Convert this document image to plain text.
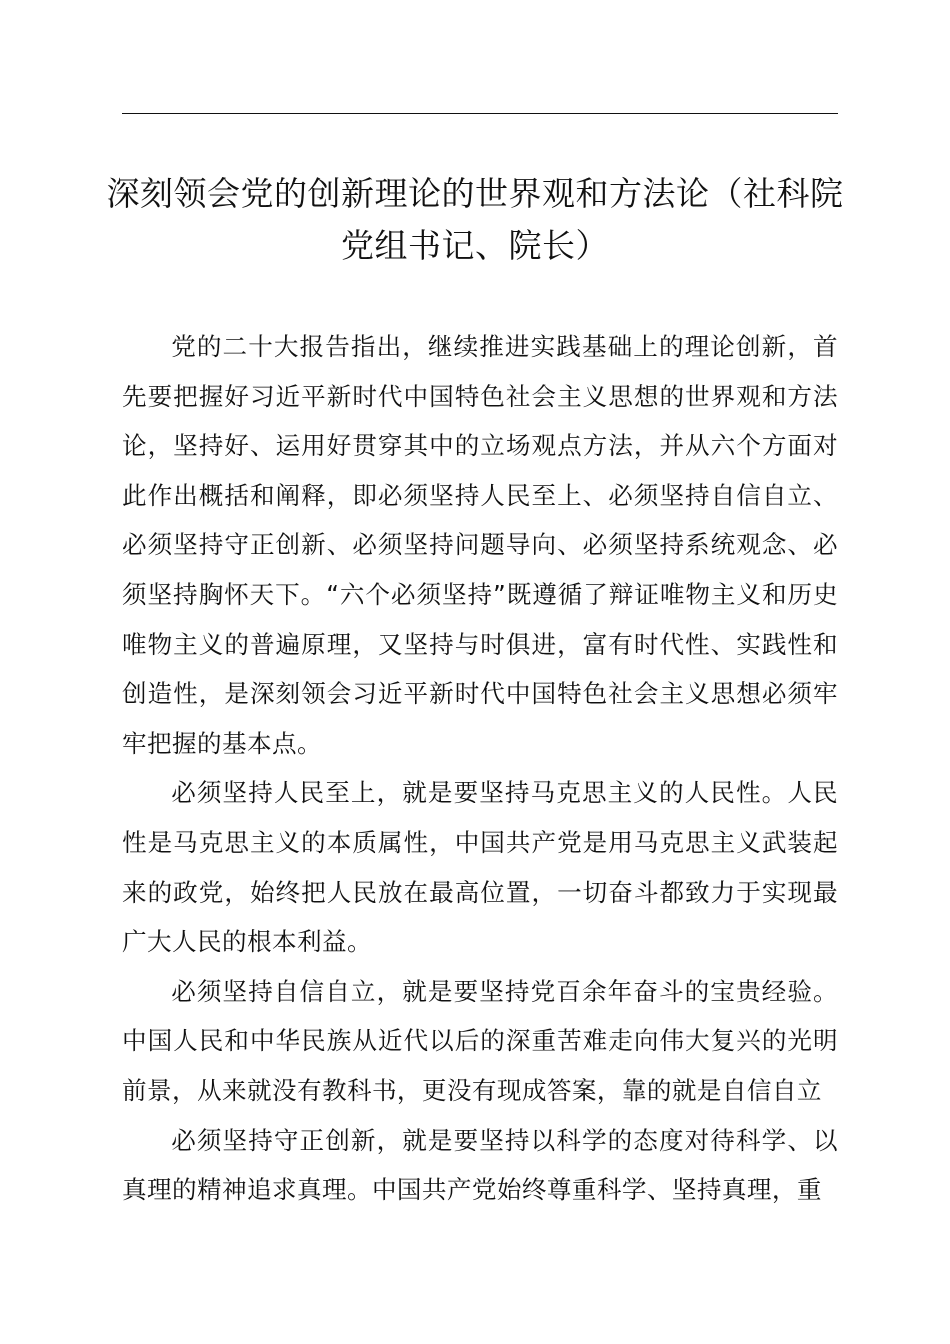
深刻领会党的创新理论的世界观和方法论（社科院党组书记、院长）

党的二十大报告指出，继续推进实践基础上的理论创新，首先要把握好习近平新时代中国特色社会主义思想的世界观和方法论，坚持好、运用好贯穿其中的立场观点方法，并从六个方面对此作出概括和阐释，即必须坚持人民至上、必须坚持自信自立、必须坚持守正创新、必须坚持问题导向、必须坚持系统观念、必须坚持胸怀天下。“六个必须坚持”既遵循了辩证唯物主义和历史唯物主义的普遍原理，又坚持与时俱进，富有时代性、实践性和创造性，是深刻领会习近平新时代中国特色社会主义思想必须牢牢把握的基本点。

必须坚持人民至上，就是要坚持马克思主义的人民性。人民性是马克思主义的本质属性，中国共产党是用马克思主义武装起来的政党，始终把人民放在最高位置，一切奋斗都致力于实现最广大人民的根本利益。

必须坚持自信自立，就是要坚持党百余年奋斗的宝贵经验。中国人民和中华民族从近代以后的深重苦难走向伟大复兴的光明前景，从来就没有教科书，更没有现成答案，靠的就是自信自立

必须坚持守正创新，就是要坚持以科学的态度对待科学、以真理的精神追求真理。中国共产党始终尊重科学、坚持真理，重
